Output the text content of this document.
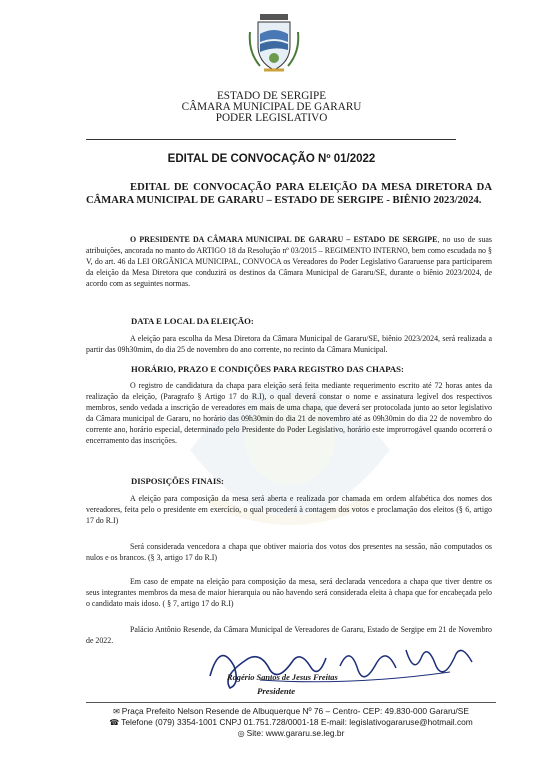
ESTADO DE SERGIPE
CÂMARA MUNICIPAL DE GARARU
PODER LEGISLATIVO
EDITAL DE CONVOCAÇÃO Nº 01/2022
EDITAL DE CONVOCAÇÃO PARA ELEIÇÃO DA MESA DIRETORA DA CÂMARA MUNICIPAL DE GARARU – ESTADO DE SERGIPE - BIÊNIO 2023/2024.
O PRESIDENTE DA CÂMARA MUNICIPAL DE GARARU – ESTADO DE SERGIPE, no uso de suas atribuições, ancorada no manto do ARTIGO 18 da Resolução nº 03/2015 – REGIMENTO INTERNO, bem como escudada no § V, do art. 46 da LEI ORGÂNICA MUNICIPAL, CONVOCA os Vereadores do Poder Legislativo Gararuense para participarem da eleição da Mesa Diretora que conduzirá os destinos da Câmara Municipal de Gararu/SE, durante o biênio 2023/2024, de acordo com as seguintes normas.
DATA E LOCAL DA ELEIÇÃO:
A eleição para escolha da Mesa Diretora da Câmara Municipal de Gararu/SE, biênio 2023/2024, será realizada a partir das 09h30mim, do dia 25 de novembro do ano corrente, no recinto da Câmara Municipal.
HORÁRIO, PRAZO E CONDIÇÕES PARA REGISTRO DAS CHAPAS:
O registro de candidatura da chapa para eleição será feita mediante requerimento escrito até 72 horas antes da realização da eleição, (Paragrafo § Artigo 17 do R.I), o qual deverá constar o nome e assinatura legível dos respectivos membros, sendo vedada a inscrição de vereadores em mais de uma chapa, que deverá ser protocolada junto ao setor legislativo da Câmara municipal de Gararu, no horário das 09h30min do dia 21 de novembro até as 09h30min do dia 22 de novembro do corrente ano, horário especial, determinado pelo Presidente do Poder Legislativo, horário este improrrogável quando ocorrerá o encerramento das inscrições.
DISPOSIÇÕES FINAIS:
A eleição para composição da mesa será aberta e realizada por chamada em ordem alfabética dos nomes dos vereadores, feita pelo o presidente em exercício, o qual procederá à contagem dos votos e proclamação dos eleitos (§ 6, artigo 17 do R.I)
Será considerada vencedora a chapa que obtiver maioria dos votos dos presentes na sessão, não computados os nulos e os brancos. (§ 3, artigo 17 do R.I)
Em caso de empate na eleição para composição da mesa, será declarada vencedora a chapa que tiver dentre os seus integrantes membros da mesa de maior hierarquia ou não havendo será considerada eleita à chapa que for encabeçada pelo o candidato mais idoso. ( § 7, artigo 17 do R.I)
Palácio Antônio Resende, da Câmara Municipal de Vereadores de Gararu, Estado de Sergipe em 21 de Novembro de 2022.
Rogério Santos de Jesus Freitas
Presidente
✉ Praça Prefeito Nelson Resende de Albuquerque Nº 76 – Centro- CEP: 49.830-000 Gararu/SE
☎ Telefone (079) 3354-1001 CNPJ 01.751.728/0001-18 E-mail: legislativogararuse@hotmail.com
◎ Site: www.gararu.se.leg.br
